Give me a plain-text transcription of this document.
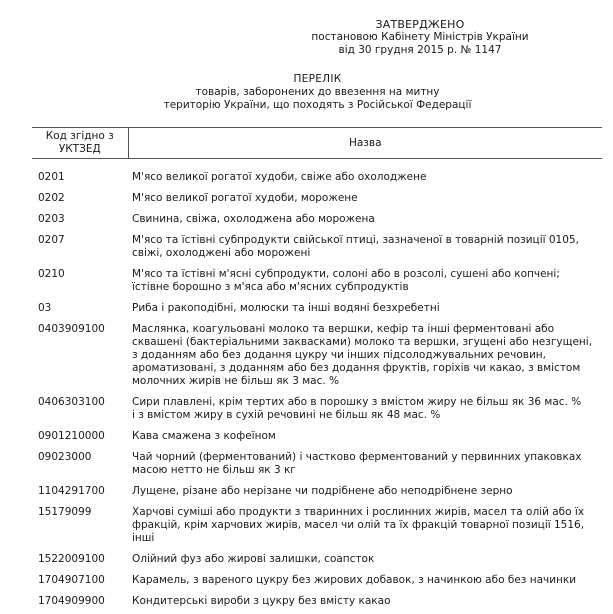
ЗАТВЕРДЖЕНО
постановою Кабінету Міністрів України
від 30 грудня 2015 р. № 1147
ПЕРЕЛІК
товарів, заборонених до ввезення на митну
територію України, що походять з Російської Федерації
Код згідно з
УКТЗЕД	Назва
0201	М'ясо великої рогатої худоби, свіже або охолоджене

0202	М'ясо великої рогатої худоби, морожене

0203	Свинина, свіжа, охолоджена або морожена

0207	М'ясо та їстівні субпродукти свійської птиці, зазначеної в товарній позиції 0105,
свіжі, охолоджені або морожені

0210	М'ясо та їстівні м'ясні субпродукти, солоні або в розсолі, сушені або копчені;
їстівне борошно з м'яса або м'ясних субпродуктів

03	Риба і ракоподібні, молюски та інші водяні безхребетні

0403909100	Маслянка, коагульовані молоко та вершки, кефір та інші ферментовані або
сквашені (бактеріальними заквасками) молоко та вершки, згущені або незгущені,
з доданням або без додання цукру чи інших підсолоджувальних речовин,
ароматизовані, з доданням або без додання фруктів, горіхів чи какао, з вмістом
молочних жирів не більш як 3 мас. %

0406303100	Сири плавлені, крім тертих або в порошку з вмістом жиру не більш як 36 мас. %
і з вмістом жиру в сухій речовині не більш як 48 мас. %

0901210000	Кава смажена з кофеїном

09023000	Чай чорний (ферментований) і частково ферментований у первинних упаковках
масою нетто не більш як 3 кг

1104291700	Лущене, різане або нерізане чи подрібнене або неподрібнене зерно

15179099	Харчові суміші або продукти з тваринних і рослинних жирів, масел та олій або їх
фракцій, крім харчових жирів, масел чи олій та їх фракцій товарної позиції 1516,
інші

1522009100	Олійний фуз або жирові залишки, соапсток

1704907100	Карамель, з вареного цукру без жирових добавок, з начинкою або без начинки

1704909900	Кондитерські вироби з цукру без вмісту какао
